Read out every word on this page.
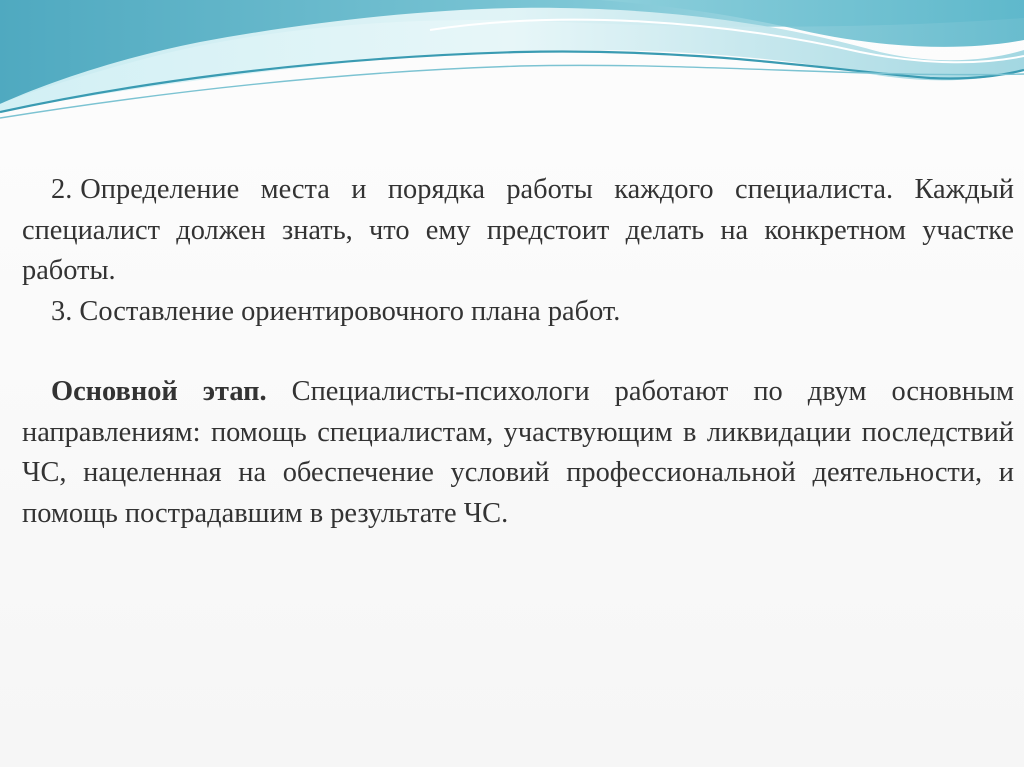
2. Определение места и порядка работы каждого специалиста. Каждый специалист должен знать, что ему предстоит делать на конкретном участке работы.

3. Составление ориентировочного плана работ.

Основной этап. Специалисты-психологи работают по двум основным направлениям: помощь специалистам, участвующим в ликвидации последствий ЧС, нацеленная на обеспечение условий профессиональной деятельности, и помощь пострадавшим в результате ЧС.
